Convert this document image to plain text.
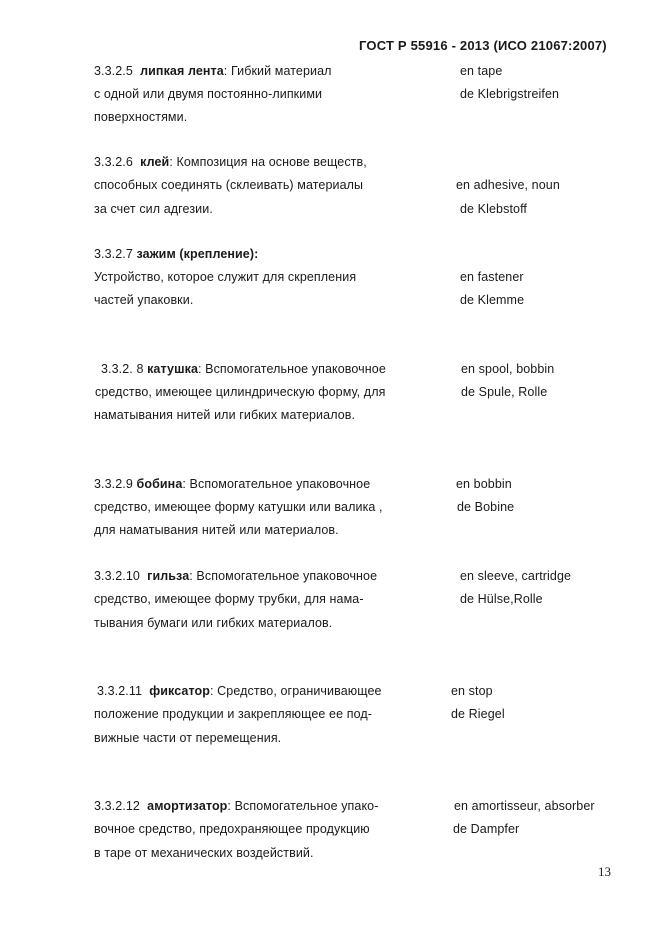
ГОСТ Р 55916 - 2013 (ИСО 21067:2007)
3.3.2.5 липкая лента: Гибкий материал
с одной или двумя постоянно-липкими
поверхностями.
en tape
de Klebrigstreifen
3.3.2.6 клей: Композиция на основе веществ,
способных соединять (склеивать) материалы
за счет сил адгезии.
en adhesive, noun
de Klebstoff
3.3.2.7 зажим (крепление):
Устройство, которое служит для скрепления
частей упаковки.
en fastener
de Klemme
3.3.2. 8 катушка: Вспомогательное упаковочное
средство, имеющее цилиндрическую форму, для
наматывания нитей или гибких материалов.
en spool, bobbin
de Spule, Rolle
3.3.2.9 бобина: Вспомогательное упаковочное
средство, имеющее форму катушки или валика ,
для наматывания нитей или материалов.
en bobbin
de Bobine
3.3.2.10 гильза: Вспомогательное упаковочное
средство, имеющее форму трубки, для нама-
тывания бумаги или гибких материалов.
en sleeve, cartridge
de Hülse,Rolle
3.3.2.11 фиксатор: Средство, ограничивающее
положение продукции и закрепляющее ее под-
вижные части от перемещения.
en stop
de Riegel
3.3.2.12 амортизатор: Вспомогательное упако-
вочное средство, предохраняющее продукцию
в таре от механических воздействий.
en amortisseur, absorber
de Dampfer
13
